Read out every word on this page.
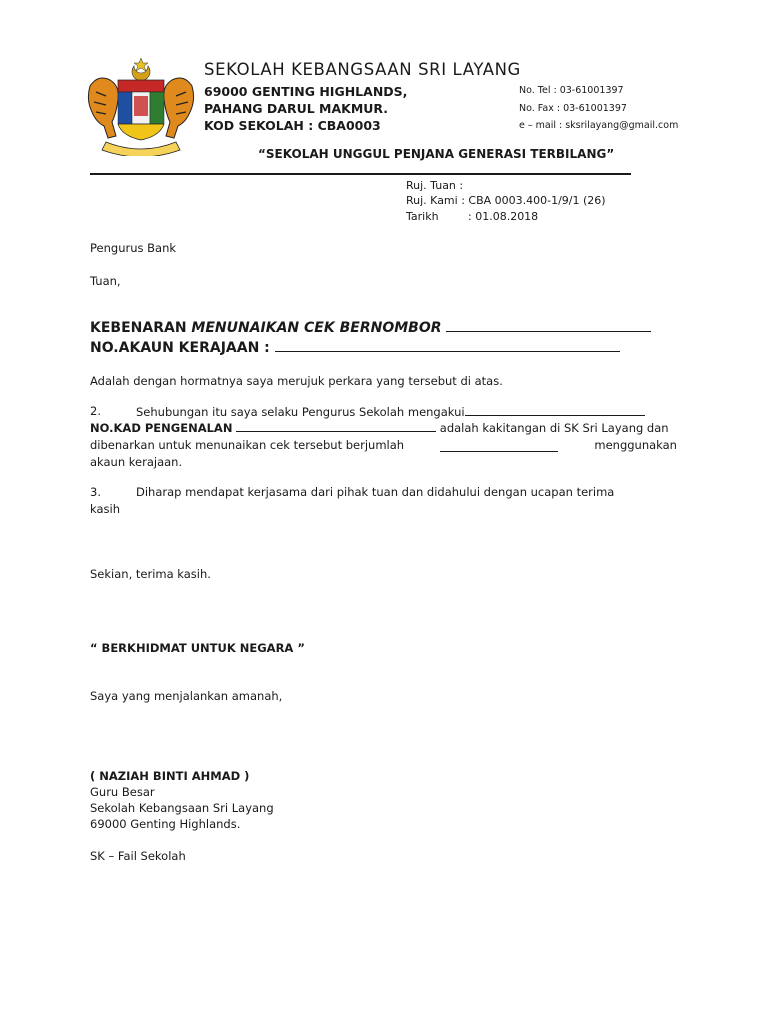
SEKOLAH KEBANGSAAN SRI LAYANG
69000 GENTING HIGHLANDS,
PAHANG DARUL MAKMUR.
KOD SEKOLAH : CBA0003
No. Tel : 03-61001397
No. Fax : 03-61001397
e – mail : sksrilayang@gmail.com
“SEKOLAH UNGGUL PENJANA GENERASI TERBILANG”
Ruj. Tuan :
Ruj. Kami : CBA 0003.400-1/9/1 (26)
Tarikh	: 01.08.2018
Pengurus Bank
Tuan,
KEBENARAN MENUNAIKAN CEK BERNOMBOR
NO.AKAUN KERAJAAN :
Adalah dengan hormatnya saya merujuk perkara yang tersebut di atas.
2.	Sehubungan itu saya selaku Pengurus Sekolah mengakui
NO.KAD PENGENALAN	adalah kakitangan di SK Sri Layang dan
dibenarkan untuk menunaikan cek tersebut berjumlah	menggunakan
akaun kerajaan.
3.	Diharap mendapat kerjasama dari pihak tuan dan didahului dengan ucapan terima
kasih
Sekian, terima kasih.
“ BERKHIDMAT UNTUK NEGARA ”
Saya yang menjalankan amanah,
( NAZIAH BINTI AHMAD )
Guru Besar
Sekolah Kebangsaan Sri Layang
69000 Genting Highlands.
SK – Fail Sekolah
